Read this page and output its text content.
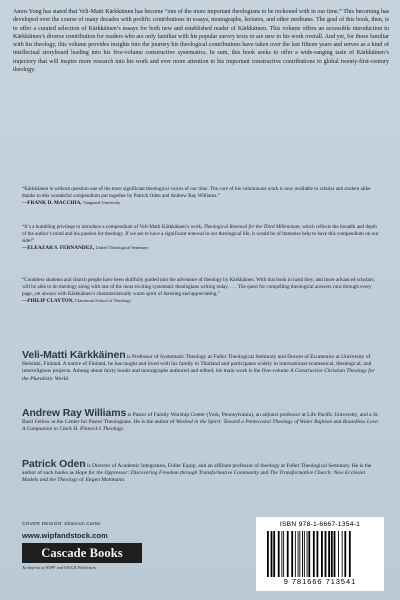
Amos Yong has stated that Veli-Matti Kärkkäinen has become “one of the more important theologians to be reckoned with in our time.” This becoming has developed over the course of many decades with prolific contributions in essays, monographs, lectures, and other mediums. The goal of this book, then, is to offer a curated selection of Kärkkäinen’s essays for both new and established reader of Kärkkäinen. This volume offers an accessible introduction to Kärkkäinen’s diverse contribution for readers who are only familiar with his popular survey texts or are new to his work overall. And yet, for those familiar with his theology, this volume provides insights into the journey his theological contributions have taken over the last fifteen years and serves as a kind of intellectual storyboard leading into his five-volume constructive systematics. In sum, this book seeks to offer a wide-ranging taste of Kärkkäinen’s trajectory that will inspire more research into his work and ever more attention to his important constructive contributions to global twenty-first-century theology.

“Kärkkäinen is without question one of the most significant theological voices of our time. The core of his voluminous work is now available to scholar and student alike thanks to this wonderful compendium put together by Patrick Oden and Andrew Ray Williams.”
—FRANK D. MACCHIA, Vanguard University

“It’s a humbling privilege to introduce a compendium of Veli-Matti Kärkkäinen’s work, Theological Renewal for the Third Millennium, which reflects the breadth and depth of the author’s mind and his passion for theology. If we are to have a significant renewal in our theological life, it would be of immense help to have this compendium on our side!”
—ELEAZAR S. FERNANDEZ, United Theological Seminary

“Countless students and church people have been skillfully guided into the adventure of theology by Kärkkäinen. With this book in hand they, and more advanced scholars, will be able to do theology along with one of the most exciting systematic theologians writing today. . . . The quest for compelling theological answers runs through every page, yet always with Kärkkäinen’s characteristically warm spirit of listening and appreciating.”
—PHILIP CLAYTON, Claremont School of Theology

Veli-Matti Kärkkäinen is Professor of Systematic Theology at Fuller Theological Seminary and Docent of Ecumenics at University of Helsinki, Finland. A native of Finland, he has taught and lived with his family in Thailand and participates widely in international ecumenical, theological, and interreligious projects. Among about thirty books and monographs authored and edited, his main work is the five-volume A Constructive Christian Theology for the Pluralistic World.

Andrew Ray Williams is Pastor of Family Worship Center (York, Pennsylvania), an adjunct professor at Life Pacific University, and a St. Basil Fellow at the Center for Pastor Theologians. He is the author of Washed in the Spirit: Toward a Pentecostal Theology of Water Baptism and Boundless Love: A Companion to Clark H. Pinnock’s Theology.

Patrick Oden is Director of Academic Integration, Fuller Equip, and an affiliate professor of theology at Fuller Theological Seminary. He is the author of such books as Hope for the Oppressor: Discovering Freedom through Transformative Community and The Transformative Church: New Ecclesial Models and the Theology of Jürgen Moltmann.

COVER DESIGN: Shannon Carter
www.wipfandstock.com
Cascade Books
An Imprint of WIPF and STOCK Publishers
ISBN 978-1-6667-1354-1
9 781666 713541
